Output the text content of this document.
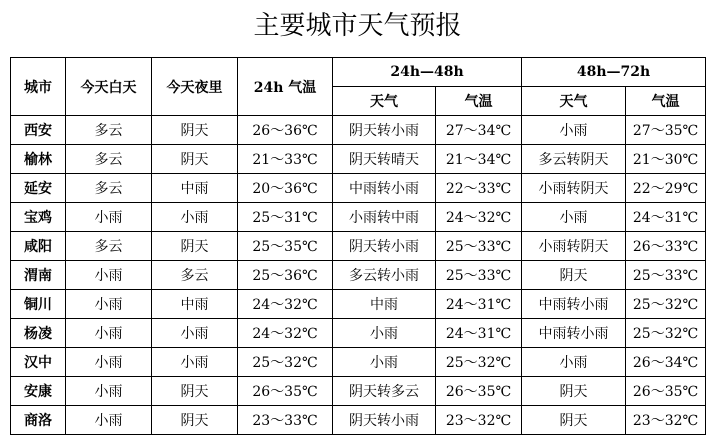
主要城市天气预报
城市	今天白天	今天夜里	24h 气温	24h—48h		48h—72h	
				天气	气温	天气	气温
西安	多云	阴天	26～36℃	阴天转小雨	27～34℃	小雨	27～35℃
榆林	多云	阴天	21～33℃	阴天转晴天	21～34℃	多云转阴天	21～30℃
延安	多云	中雨	20～36℃	中雨转小雨	22～33℃	小雨转阴天	22～29℃
宝鸡	小雨	小雨	25～31℃	小雨转中雨	24～32℃	小雨	24～31℃
咸阳	多云	阴天	25～35℃	阴天转小雨	25～33℃	小雨转阴天	26～33℃
渭南	小雨	多云	25～36℃	多云转小雨	25～33℃	阴天	25～33℃
铜川	小雨	中雨	24～32℃	中雨	24～31℃	中雨转小雨	25～32℃
杨凌	小雨	小雨	24～32℃	小雨	24～31℃	中雨转小雨	25～32℃
汉中	小雨	小雨	25～32℃	小雨	25～32℃	小雨	26～34℃
安康	小雨	阴天	26～35℃	阴天转多云	26～35℃	阴天	26～35℃
商洛	小雨	阴天	23～33℃	阴天转小雨	23～32℃	阴天	23～32℃
